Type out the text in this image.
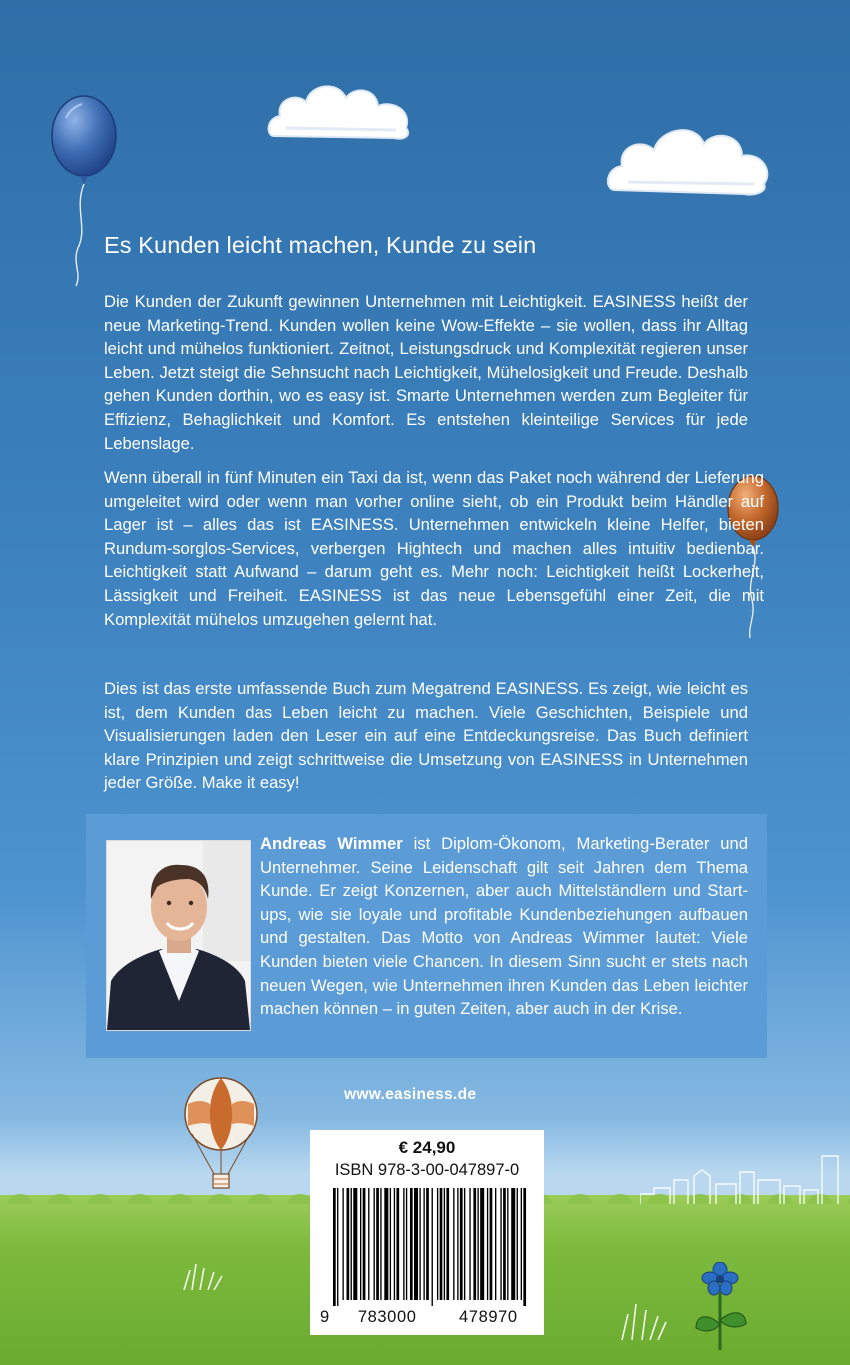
Es Kunden leicht machen, Kunde zu sein

Die Kunden der Zukunft gewinnen Unternehmen mit Leichtigkeit. EASINESS heißt der neue Marketing-Trend. Kunden wollen keine Wow-Effekte – sie wollen, dass ihr Alltag leicht und mühelos funktioniert. Zeitnot, Leistungsdruck und Komplexität regieren unser Leben. Jetzt steigt die Sehnsucht nach Leichtigkeit, Mühelosigkeit und Freude. Deshalb gehen Kunden dorthin, wo es easy ist. Smarte Unternehmen werden zum Begleiter für Effizienz, Behaglichkeit und Komfort. Es entstehen kleinteilige Services für jede Lebenslage.

Wenn überall in fünf Minuten ein Taxi da ist, wenn das Paket noch während der Lieferung umgeleitet wird oder wenn man vorher online sieht, ob ein Produkt beim Händler auf Lager ist – alles das ist EASINESS. Unternehmen entwickeln kleine Helfer, bieten Rundum-sorglos-Services, verbergen Hightech und machen alles intuitiv bedienbar. Leichtigkeit statt Aufwand – darum geht es. Mehr noch: Leichtigkeit heißt Lockerheit, Lässigkeit und Freiheit. EASINESS ist das neue Lebensgefühl einer Zeit, die mit Komplexität mühelos umzugehen gelernt hat.

Dies ist das erste umfassende Buch zum Megatrend EASINESS. Es zeigt, wie leicht es ist, dem Kunden das Leben leicht zu machen. Viele Geschichten, Beispiele und Visualisierungen laden den Leser ein auf eine Entdeckungsreise. Das Buch definiert klare Prinzipien und zeigt schrittweise die Umsetzung von EASINESS in Unternehmen jeder Größe. Make it easy!

Andreas Wimmer ist Diplom-Ökonom, Marketing-Berater und Unternehmer. Seine Leidenschaft gilt seit Jahren dem Thema Kunde. Er zeigt Konzernen, aber auch Mittelständlern und Start-ups, wie sie loyale und profitable Kundenbeziehungen aufbauen und gestalten. Das Motto von Andreas Wimmer lautet: Viele Kunden bieten viele Chancen. In diesem Sinn sucht er stets nach neuen Wegen, wie Unternehmen ihren Kunden das Leben leichter machen können – in guten Zeiten, aber auch in der Krise.

www.easiness.de
€ 24,90
ISBN 978-3-00-047897-0
9 783000	478970
